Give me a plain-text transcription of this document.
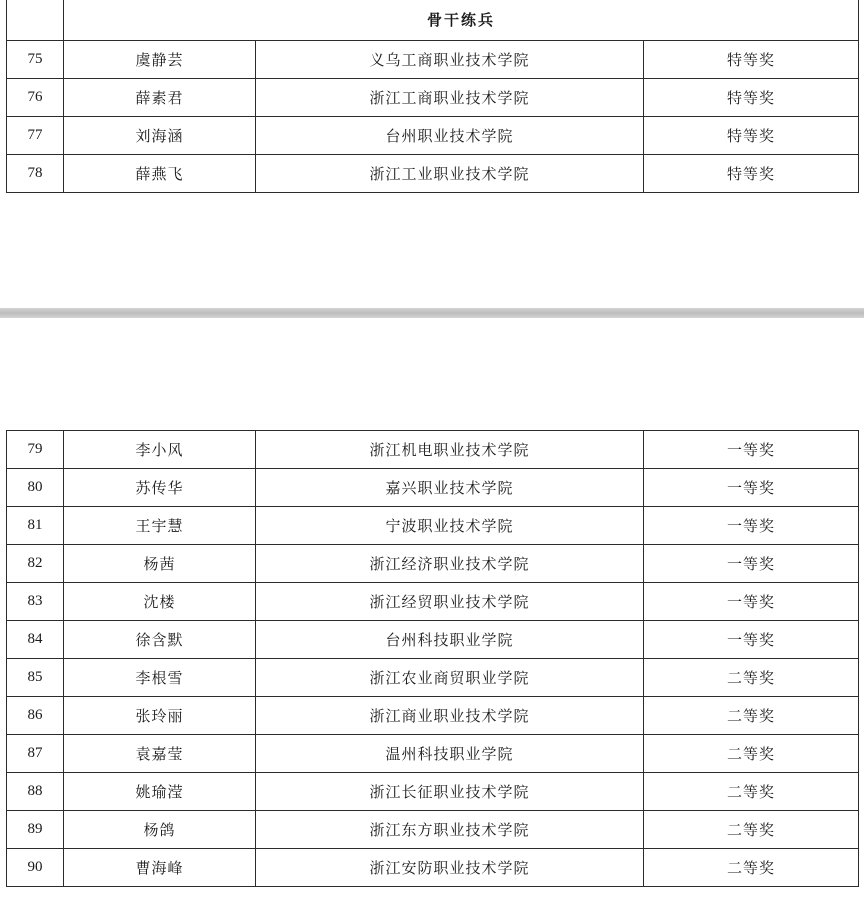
	骨干练兵		
75	虞静芸	义乌工商职业技术学院	特等奖
76	薛素君	浙江工商职业技术学院	特等奖
77	刘海涵	台州职业技术学院	特等奖
78	薛燕飞	浙江工业职业技术学院	特等奖
79	李小风	浙江机电职业技术学院	一等奖
80	苏传华	嘉兴职业技术学院	一等奖
81	王宇慧	宁波职业技术学院	一等奖
82	杨茜	浙江经济职业技术学院	一等奖
83	沈楼	浙江经贸职业技术学院	一等奖
84	徐含默	台州科技职业学院	一等奖
85	李根雪	浙江农业商贸职业学院	二等奖
86	张玲丽	浙江商业职业技术学院	二等奖
87	袁嘉莹	温州科技职业学院	二等奖
88	姚瑜滢	浙江长征职业技术学院	二等奖
89	杨鸽	浙江东方职业技术学院	二等奖
90	曹海峰	浙江安防职业技术学院	二等奖
